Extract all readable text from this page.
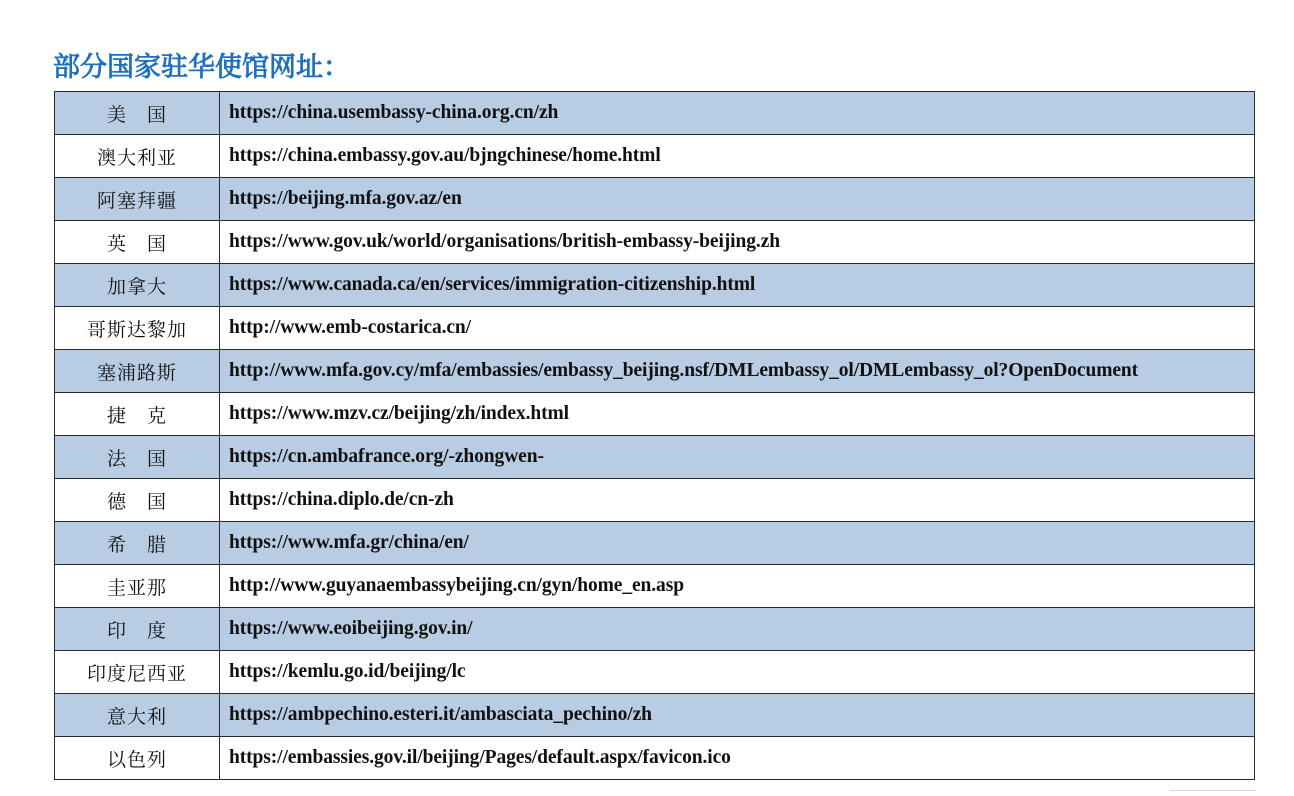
部分国家驻华使馆网址：
美　国	https://china.usembassy-china.org.cn/zh
澳大利亚	https://china.embassy.gov.au/bjngchinese/home.html
阿塞拜疆	https://beijing.mfa.gov.az/en
英　国	https://www.gov.uk/world/organisations/british-embassy-beijing.zh
加拿大	https://www.canada.ca/en/services/immigration-citizenship.html
哥斯达黎加	http://www.emb-costarica.cn/
塞浦路斯	http://www.mfa.gov.cy/mfa/embassies/embassy_beijing.nsf/DMLembassy_ol/DMLembassy_ol?OpenDocument
捷　克	https://www.mzv.cz/beijing/zh/index.html
法　国	https://cn.ambafrance.org/-zhongwen-
德　国	https://china.diplo.de/cn-zh
希　腊	https://www.mfa.gr/china/en/
圭亚那	http://www.guyanaembassybeijing.cn/gyn/home_en.asp
印　度	https://www.eoibeijing.gov.in/
印度尼西亚	https://kemlu.go.id/beijing/lc
意大利	https://ambpechino.esteri.it/ambasciata_pechino/zh
以色列	https://embassies.gov.il/beijing/Pages/default.aspx/favicon.ico
